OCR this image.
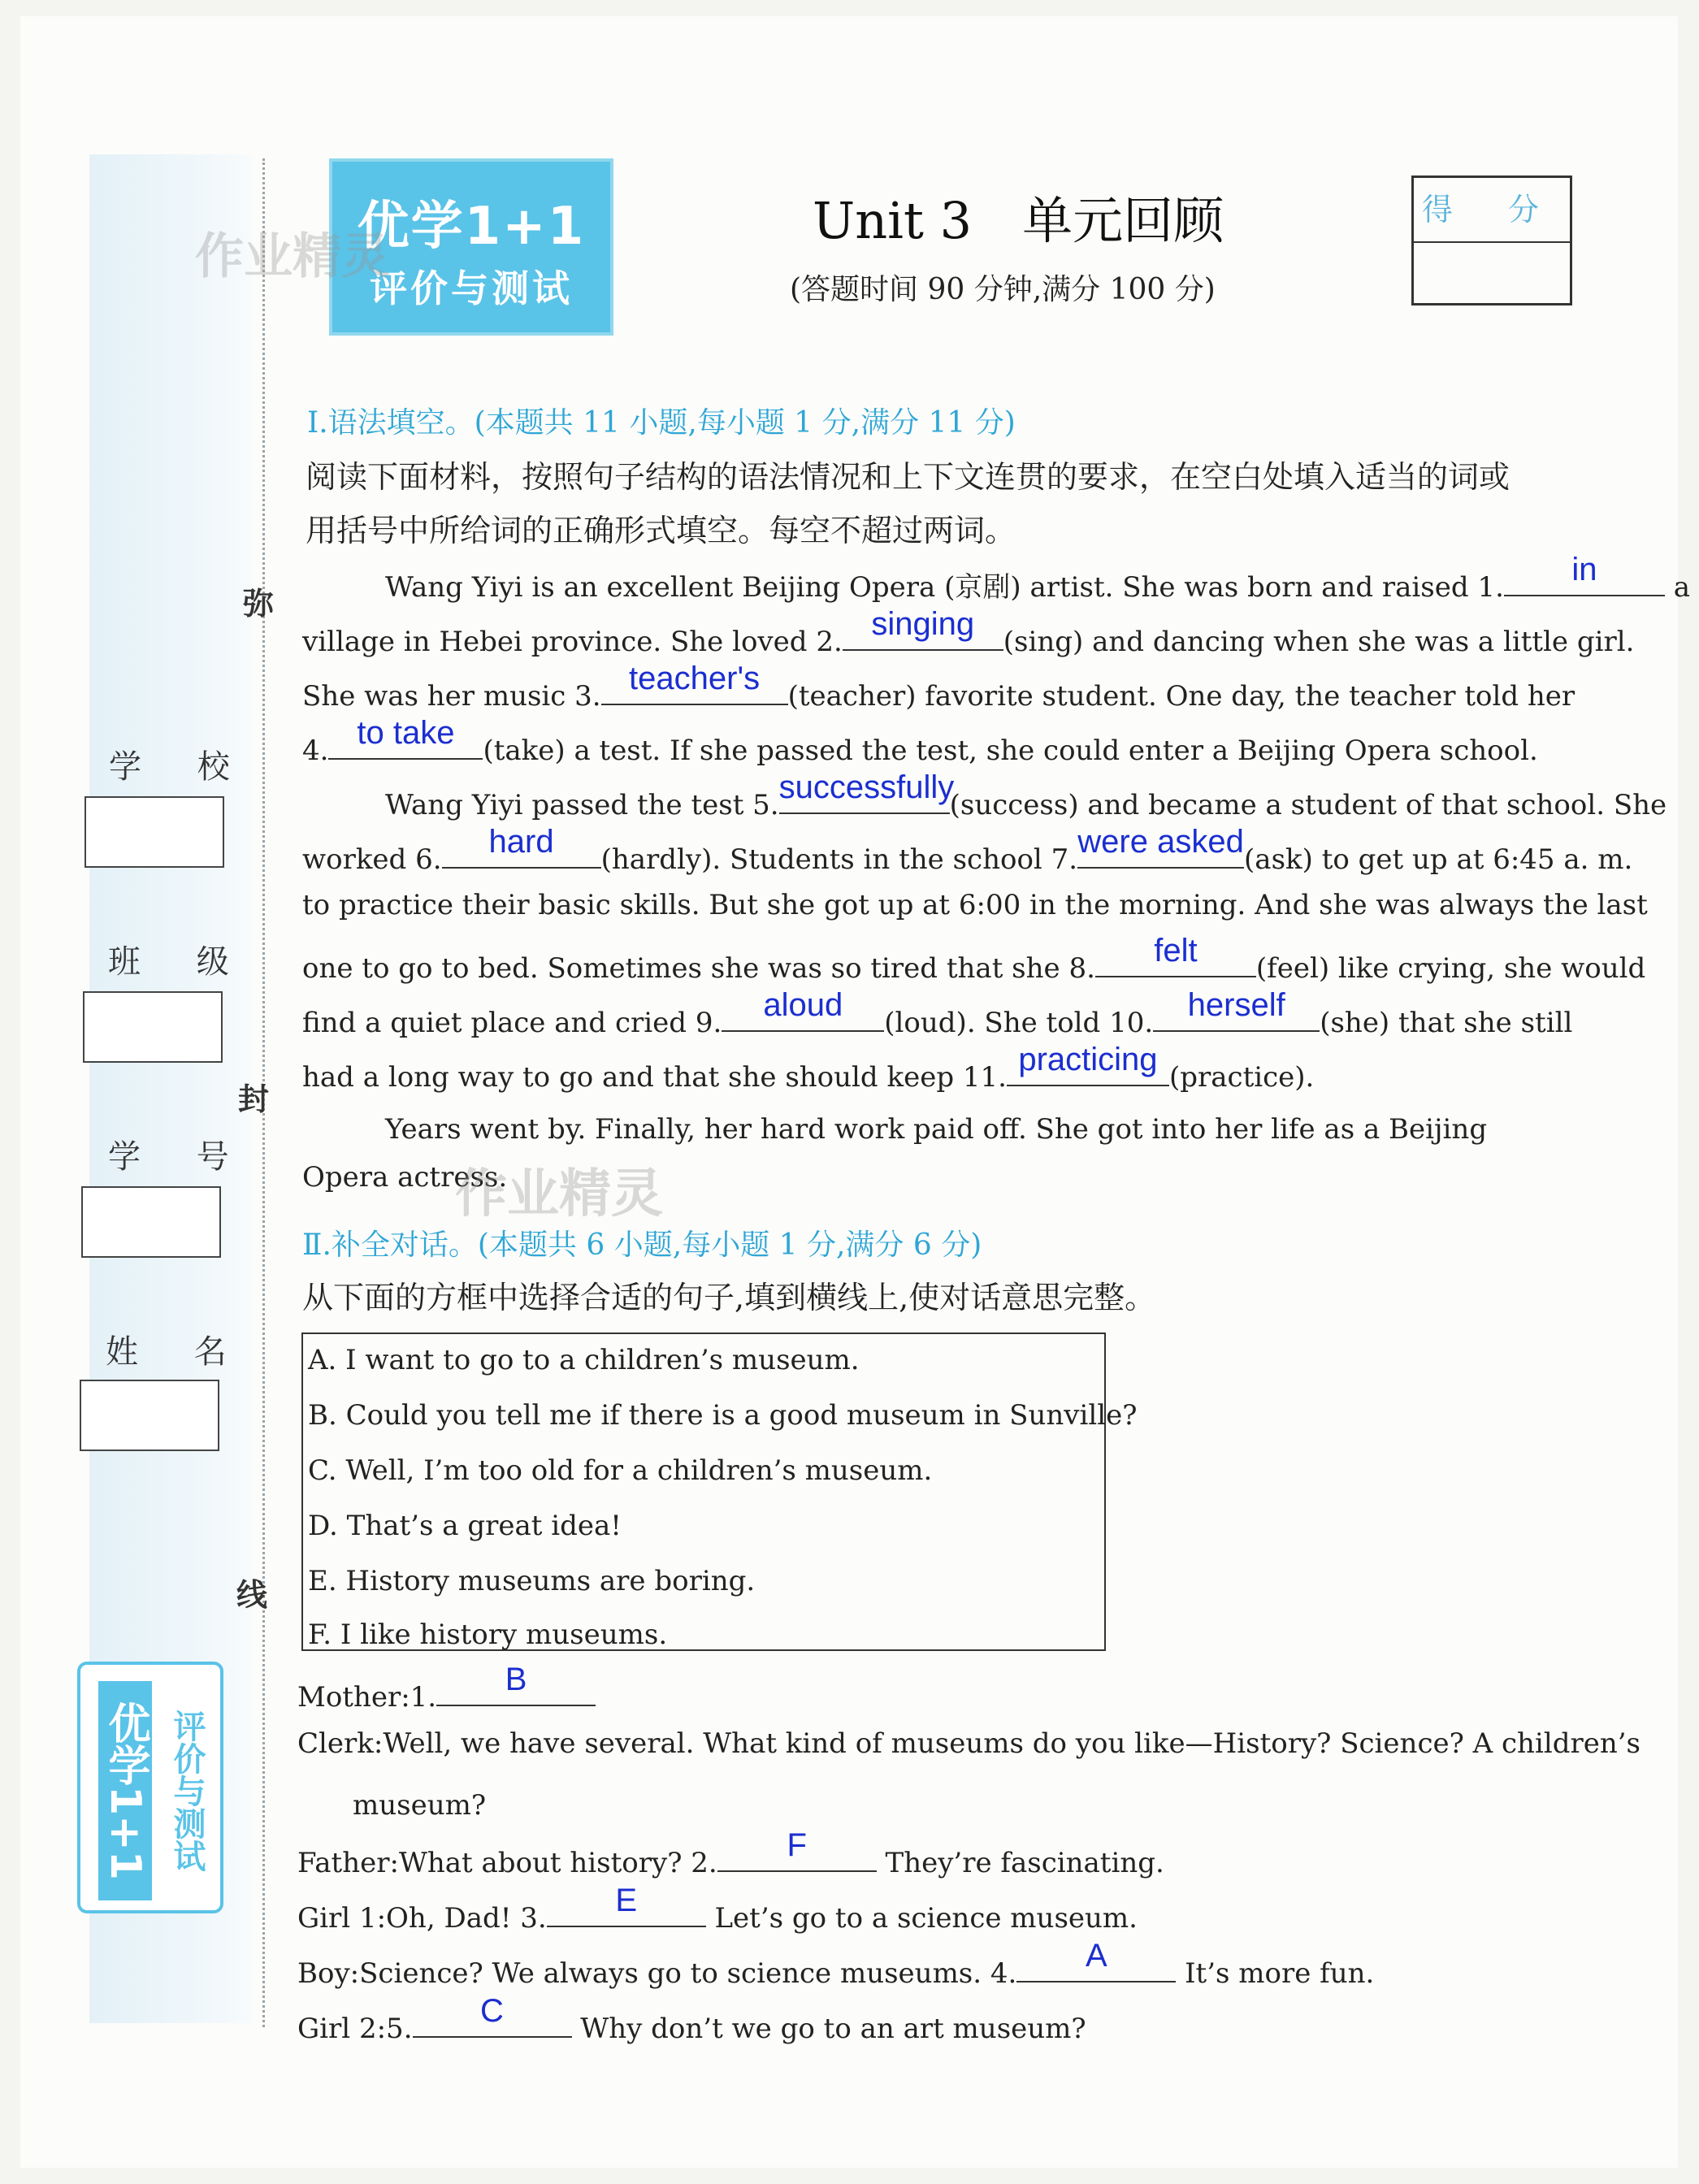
弥
封
线
学 校
班 级
学 号
姓 名
优学1+1 评价与测试
优学1+1
评价与测试
作业精灵
Unit 3　单元回顾
(答题时间 90 分钟,满分 100 分)
得 分
Ⅰ.语法填空。(本题共 11 小题,每小题 1 分,满分 11 分)
阅读下面材料，按照句子结构的语法情况和上下文连贯的要求，在空白处填入适当的词或
用括号中所给词的正确形式填空。每空不超过两词。
　Wang Yiyi is an excellent Beijing Opera (京剧) artist. She was born and raised 1.	in	a
village in Hebei province. She loved 2. singing	(sing) and dancing when she was a little girl.
She was her music 3. teacher's	(teacher) favorite student. One day, the teacher told her
4. to take	(take) a test. If she passed the test, she could enter a Beijing Opera school.
　Wang Yiyi passed the test 5. successfully
(success) and became a student of that school. She
worked 6.	hard	(hardly). Students in the school 7. were asked (ask) to get up at 6:45 a. m.
to practice their basic skills. But she got up at 6:00 in the morning. And she was always the last
one to go to bed. Sometimes she was so tired that she 8.	felt	(feel) like crying, she would
find a quiet place and cried 9.	aloud	(loud). She told 10.	herself	(she) that she still
had a long way to go and that she should keep 11. practicing (practice).
　Years went by. Finally, her hard work paid off. She got into her life as a Beijing
Opera actress.
作业精灵
Ⅱ.补全对话。(本题共 6 小题,每小题 1 分,满分 6 分)
从下面的方框中选择合适的句子,填到横线上,使对话意思完整。
A. I want to go to a children’s museum.
B. Could you tell me if there is a good museum in Sunville?
C. Well, I’m too old for a children’s museum.
D. That’s a great idea!
E. History museums are boring.
F. I like history museums.
Mother:1.	B
Clerk:Well, we have several. What kind of museums do you like—History? Science? A children’s
　　museum?
Father:What about history? 2.	F	They’re fascinating.
Girl 1:Oh, Dad! 3.	E	Let’s go to a science museum.
Boy:Science? We always go to science museums. 4.	A	It’s more fun.
Girl 2:5.	C	Why don’t we go to an art museum?
